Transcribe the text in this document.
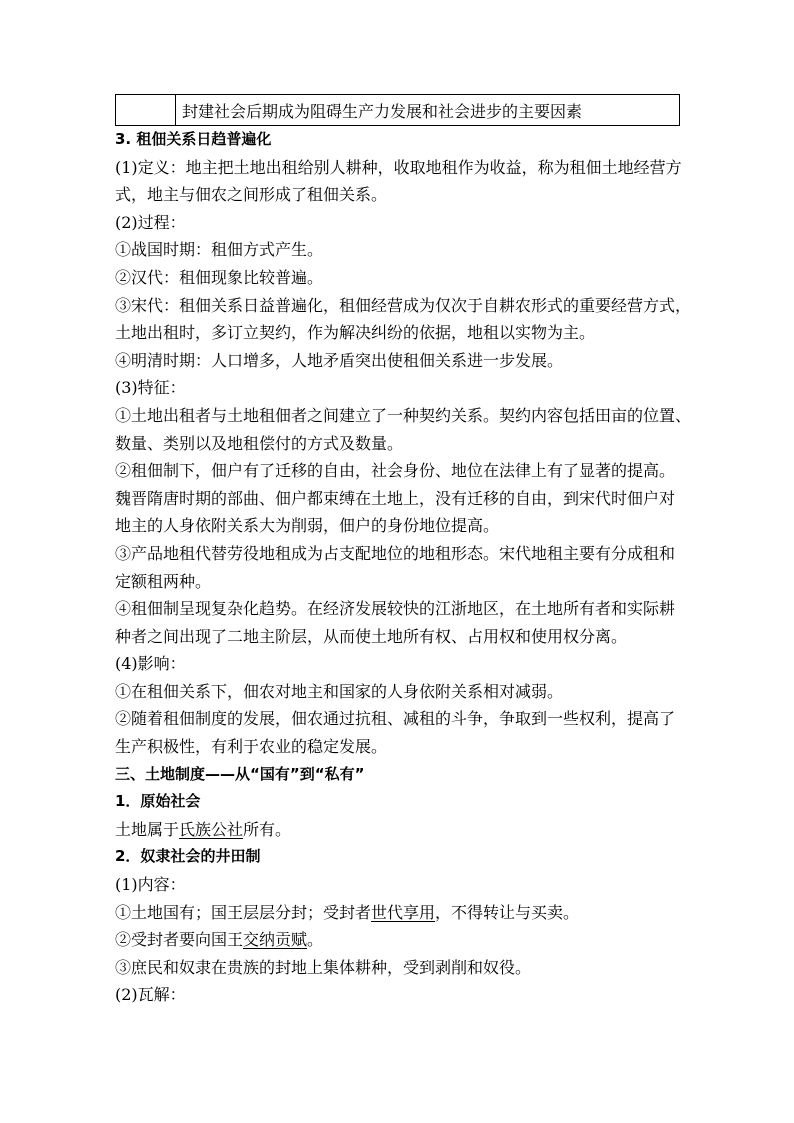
	封建社会后期成为阻碍生产力发展和社会进步的主要因素
3. 租佃关系日趋普遍化
(1)定义：地主把土地出租给别人耕种，收取地租作为收益，称为租佃土地经营方
式，地主与佃农之间形成了租佃关系。
(2)过程：
①战国时期：租佃方式产生。
②汉代：租佃现象比较普遍。
③宋代：租佃关系日益普遍化，租佃经营成为仅次于自耕农形式的重要经营方式，
土地出租时，多订立契约，作为解决纠纷的依据，地租以实物为主。
④明清时期：人口增多，人地矛盾突出使租佃关系进一步发展。
(3)特征：
①土地出租者与土地租佃者之间建立了一种契约关系。契约内容包括田亩的位置、
数量、类别以及地租偿付的方式及数量。
②租佃制下，佃户有了迁移的自由，社会身份、地位在法律上有了显著的提高。
魏晋隋唐时期的部曲、佃户都束缚在土地上，没有迁移的自由，到宋代时佃户对
地主的人身依附关系大为削弱，佃户的身份地位提高。
③产品地租代替劳役地租成为占支配地位的地租形态。宋代地租主要有分成租和
定额租两种。
④租佃制呈现复杂化趋势。在经济发展较快的江浙地区，在土地所有者和实际耕
种者之间出现了二地主阶层，从而使土地所有权、占用权和使用权分离。
(4)影响：
①在租佃关系下，佃农对地主和国家的人身依附关系相对减弱。
②随着租佃制度的发展，佃农通过抗租、减租的斗争，争取到一些权利，提高了
生产积极性，有利于农业的稳定发展。
三、土地制度——从“国有”到“私有”
1．原始社会
土地属于氏族公社所有。
2．奴隶社会的井田制
(1)内容：
①土地国有；国王层层分封；受封者世代享用，不得转让与买卖。
②受封者要向国王交纳贡赋。
③庶民和奴隶在贵族的封地上集体耕种，受到剥削和奴役。
(2)瓦解：
